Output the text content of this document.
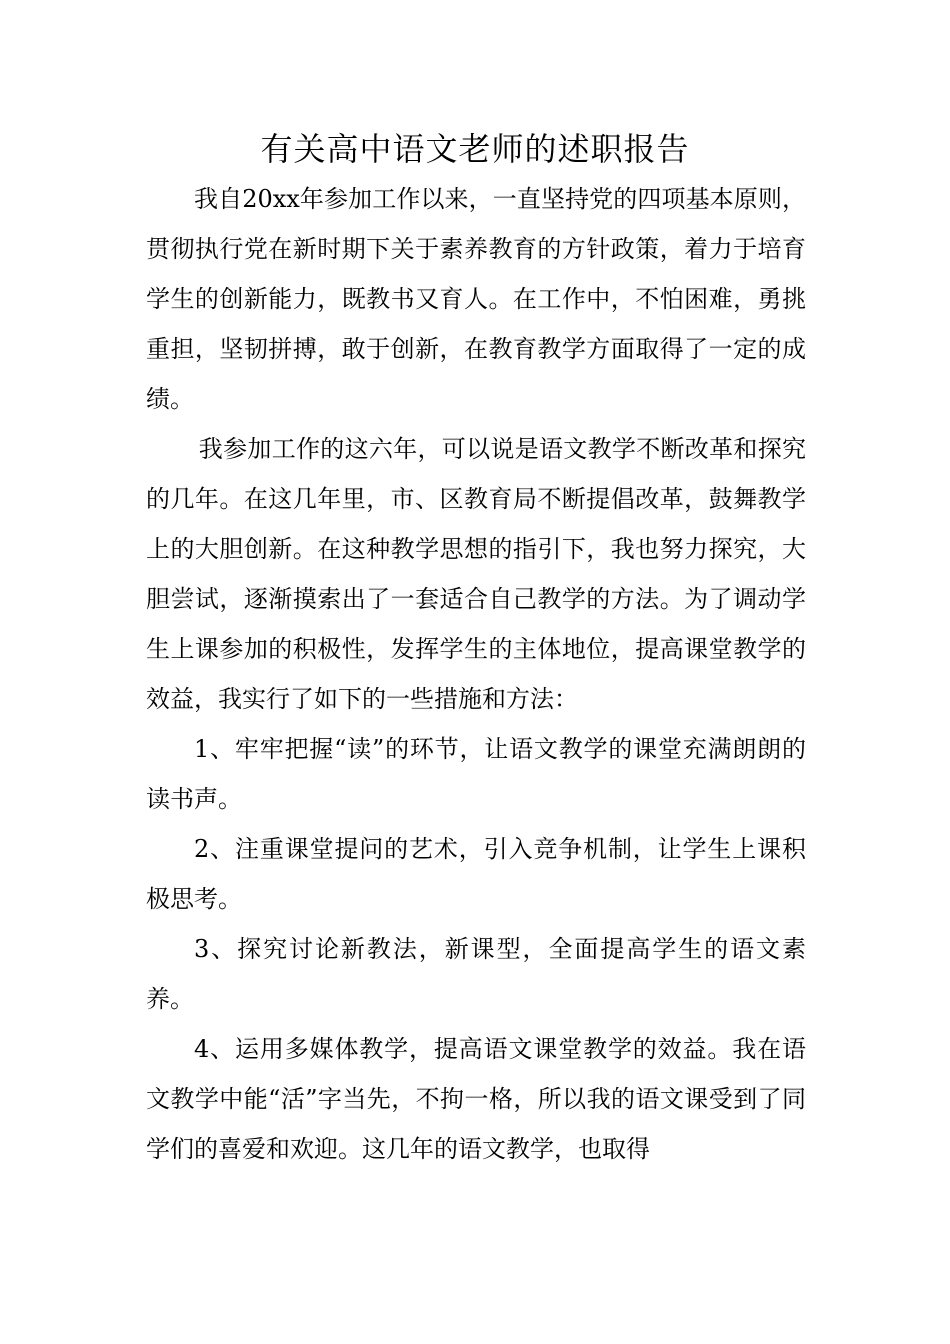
有关高中语文老师的述职报告

我自20xx年参加工作以来，一直坚持党的四项基本原则，贯彻执行党在新时期下关于素养教育的方针政策，着力于培育学生的创新能力，既教书又育人。在工作中，不怕困难，勇挑重担，坚韧拼搏，敢于创新，在教育教学方面取得了一定的成绩。

我参加工作的这六年，可以说是语文教学不断改革和探究的几年。在这几年里，市、区教育局不断提倡改革，鼓舞教学上的大胆创新。在这种教学思想的指引下，我也努力探究，大胆尝试，逐渐摸索出了一套适合自己教学的方法。为了调动学生上课参加的积极性，发挥学生的主体地位，提高课堂教学的效益，我实行了如下的一些措施和方法：

1、牢牢把握“读”的环节，让语文教学的课堂充满朗朗的读书声。

2、注重课堂提问的艺术，引入竞争机制，让学生上课积极思考。

3、探究讨论新教法，新课型，全面提高学生的语文素养。

4、运用多媒体教学，提高语文课堂教学的效益。我在语文教学中能“活”字当先，不拘一格，所以我的语文课受到了同学们的喜爱和欢迎。这几年的语文教学，也取得
